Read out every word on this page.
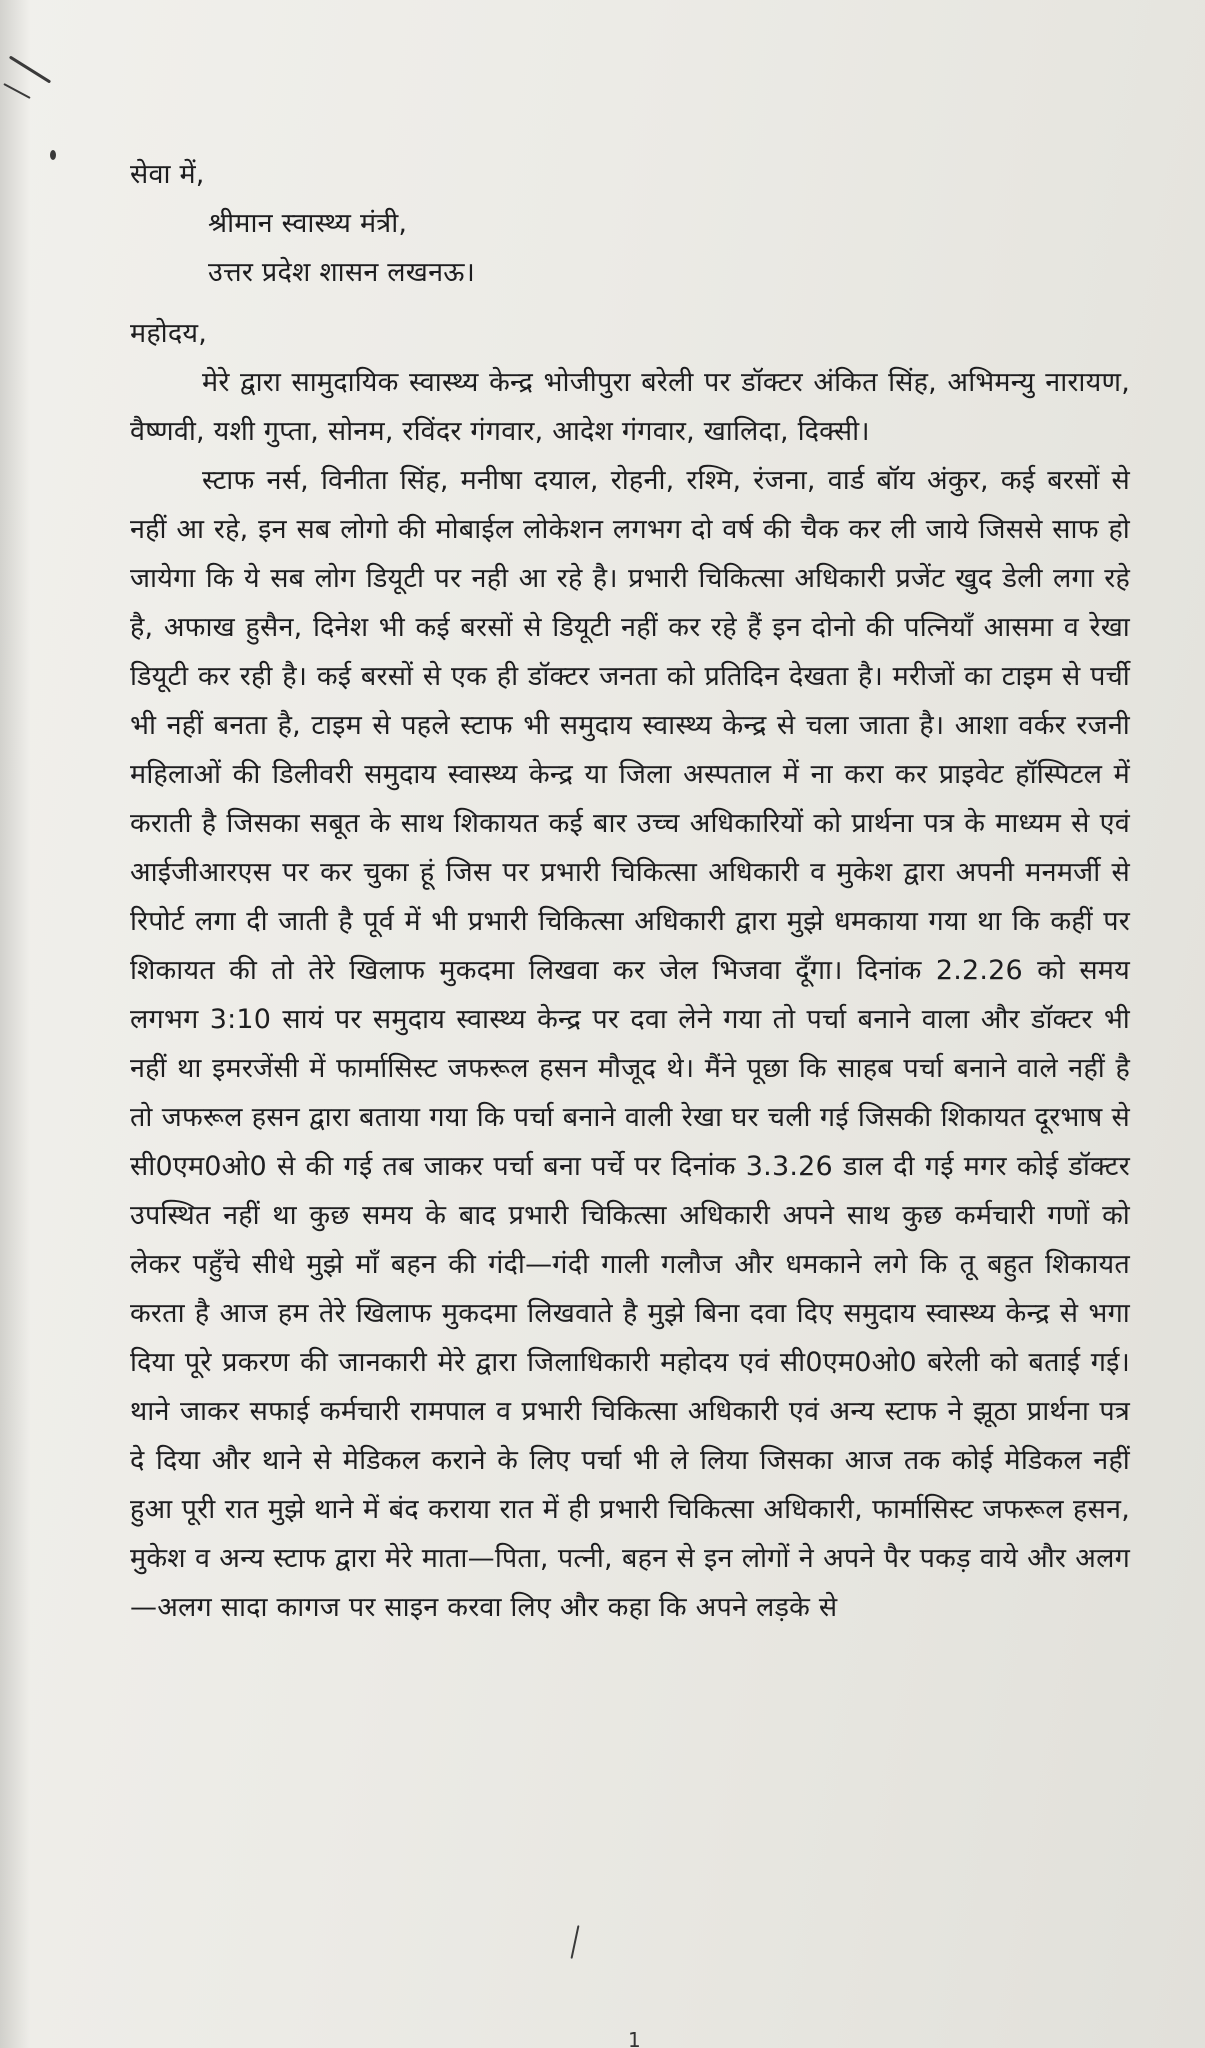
सेवा में,
श्रीमान स्वास्थ्य मंत्री,
उत्तर प्रदेश शासन लखनऊ।
महोदय,

मेरे द्वारा सामुदायिक स्वास्थ्य केन्द्र भोजीपुरा बरेली पर डॉक्टर अंकित सिंह, अभिमन्यु नारायण, वैष्णवी, यशी गुप्ता, सोनम, रविंदर गंगवार, आदेश गंगवार, खालिदा, दिक्सी।

स्टाफ नर्स, विनीता सिंह, मनीषा दयाल, रोहनी, रश्मि, रंजना, वार्ड बॉय अंकुर, कई बरसों से नहीं आ रहे, इन सब लोगो की मोबाईल लोकेशन लगभग दो वर्ष की चैक कर ली जाये जिससे साफ हो जायेगा कि ये सब लोग डियूटी पर नही आ रहे है। प्रभारी चिकित्सा अधिकारी प्रजेंट खुद डेली लगा रहे है, अफाख हुसैन, दिनेश भी कई बरसों से डियूटी नहीं कर रहे हैं इन दोनो की पत्नियॉं आसमा व रेखा डियूटी कर रही है। कई बरसों से एक ही डॉक्टर जनता को प्रतिदिन देखता है। मरीजों का टाइम से पर्ची भी नहीं बनता है, टाइम से पहले स्टाफ भी समुदाय स्वास्थ्य केन्द्र से चला जाता है। आशा वर्कर रजनी महिलाओं की डिलीवरी समुदाय स्वास्थ्य केन्द्र या जिला अस्पताल में ना करा कर प्राइवेट हॉस्पिटल में कराती है जिसका सबूत के साथ शिकायत कई बार उच्च अधिकारियों को प्रार्थना पत्र के माध्यम से एवं आईजीआरएस पर कर चुका हूं जिस पर प्रभारी चिकित्सा अधिकारी व मुकेश द्वारा अपनी मनमर्जी से रिपोर्ट लगा दी जाती है पूर्व में भी प्रभारी चिकित्सा अधिकारी द्वारा मुझे धमकाया गया था कि कहीं पर शिकायत की तो तेरे खिलाफ मुकदमा लिखवा कर जेल भिजवा दूॅंगा। दिनांक 2.2.26 को समय लगभग 3:10 सायं पर समुदाय स्वास्थ्य केन्द्र पर दवा लेने गया तो पर्चा बनाने वाला और डॉक्टर भी नहीं था इमरजेंसी में फार्मासिस्ट जफरूल हसन मौजूद थे। मैंने पूछा कि साहब पर्चा बनाने वाले नहीं है तो जफरूल हसन द्वारा बताया गया कि पर्चा बनाने वाली रेखा घर चली गई जिसकी शिकायत दूरभाष से सी0एम0ओ0 से की गई तब जाकर पर्चा बना पर्चे पर दिनांक 3.3.26 डाल दी गई मगर कोई डॉक्टर उपस्थित नहीं था कुछ समय के बाद प्रभारी चिकित्सा अधिकारी अपने साथ कुछ कर्मचारी गणों को लेकर पहुॅंचे सीधे मुझे मॉं बहन की गंदी—गंदी गाली गलौज और धमकाने लगे कि तू बहुत शिकायत करता है आज हम तेरे खिलाफ मुकदमा लिखवाते है मुझे बिना दवा दिए समुदाय स्वास्थ्य केन्द्र से भगा दिया पूरे प्रकरण की जानकारी मेरे द्वारा जिलाधिकारी महोदय एवं सी0एम0ओ0 बरेली को बताई गई। थाने जाकर सफाई कर्मचारी रामपाल व प्रभारी चिकित्सा अधिकारी एवं अन्य स्टाफ ने झूठा प्रार्थना पत्र दे दिया और थाने से मेडिकल कराने के लिए पर्चा भी ले लिया जिसका आज तक कोई मेडिकल नहीं हुआ पूरी रात मुझे थाने में बंद कराया रात में ही प्रभारी चिकित्सा अधिकारी, फार्मासिस्ट जफरूल हसन, मुकेश व अन्य स्टाफ द्वारा मेरे माता—पिता, पत्नी, बहन से इन लोगों ने अपने पैर पकड़ वाये और अलग—अलग सादा कागज पर साइन करवा लिए और कहा कि अपने लड़के से

1
